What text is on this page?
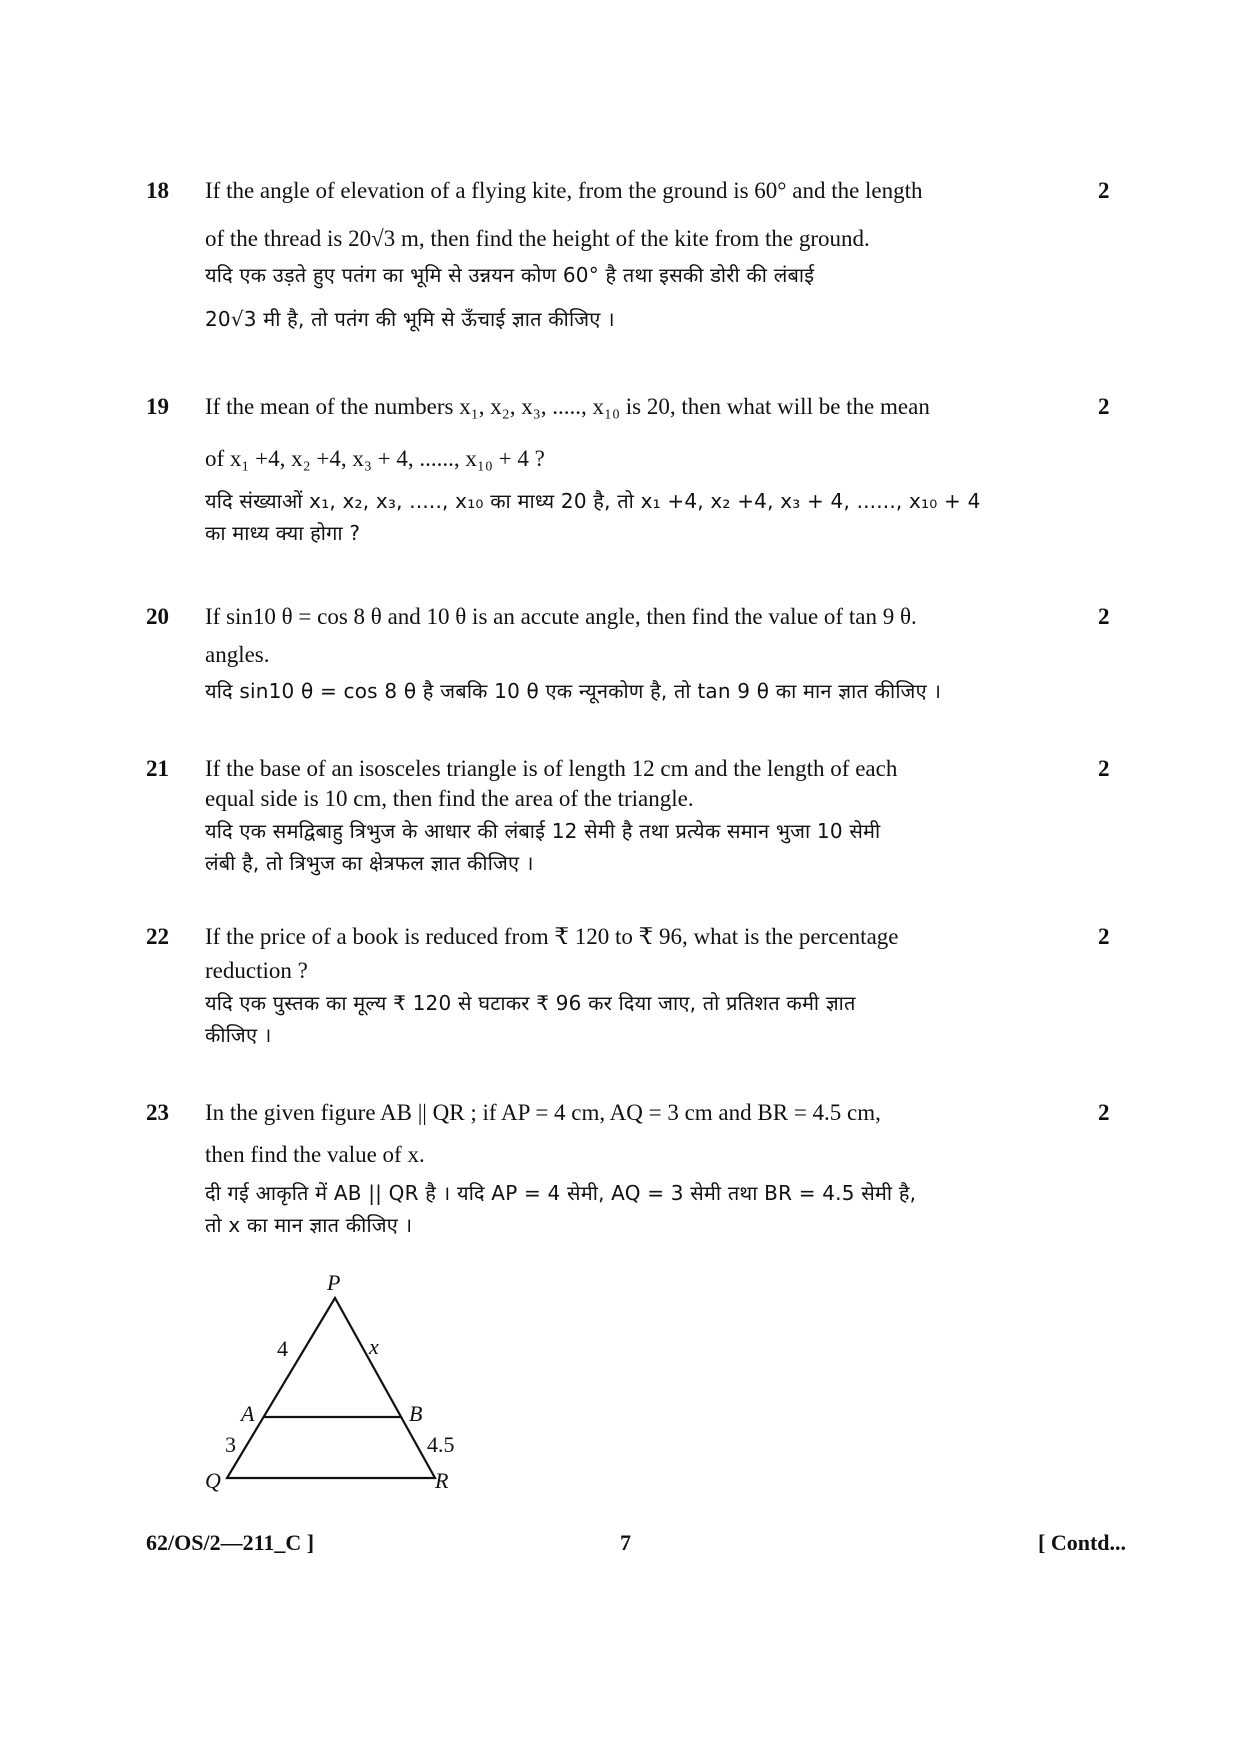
18	2
If the angle of elevation of a flying kite, from the ground is 60° and the length
of the thread is 20√3 m, then find the height of the kite from the ground.
यदि एक उड़ते हुए पतंग का भूमि से उन्नयन कोण 60° है तथा इसकी डोरी की लंबाई
20√3 मी है, तो पतंग की भूमि से ऊँचाई ज्ञात कीजिए ।
19	2
If the mean of the numbers x₁, x₂, x₃, ....., x₁₀ is 20, then what will be the mean
of x₁ +4, x₂ +4, x₃ + 4, ......, x₁₀ + 4 ?
यदि संख्याओं x₁, x₂, x₃, ....., x₁₀ का माध्य 20 है, तो x₁ +4, x₂ +4, x₃ + 4, ......, x₁₀ + 4
का माध्य क्या होगा ?
20	2
If sin10 θ = cos 8 θ and 10 θ is an accute angle, then find the value of tan 9 θ.
angles.
यदि sin10 θ = cos 8 θ है जबकि 10 θ एक न्यूनकोण है, तो tan 9 θ का मान ज्ञात कीजिए ।
21	2
If the base of an isosceles triangle is of length 12 cm and the length of each
equal side is 10 cm, then find the area of the triangle.
यदि एक समद्विबाहु त्रिभुज के आधार की लंबाई 12 सेमी है तथा प्रत्येक समान भुजा 10 सेमी
लंबी है, तो त्रिभुज का क्षेत्रफल ज्ञात कीजिए ।
22	2
If the price of a book is reduced from ₹ 120 to ₹ 96, what is the percentage
reduction ?
यदि एक पुस्तक का मूल्य ₹ 120 से घटाकर ₹ 96 कर दिया जाए, तो प्रतिशत कमी ज्ञात
कीजिए ।
23	2
In the given figure AB || QR ; if AP = 4 cm, AQ = 3 cm and BR = 4.5 cm,
then find the value of x.
दी गई आकृति में AB || QR है । यदि AP = 4 सेमी, AQ = 3 सेमी तथा BR = 4.5 सेमी है,
तो x का मान ज्ञात कीजिए ।
P
A	B
Q	R
4	x
3	4.5
62/OS/2—211_C ]	7	[ Contd...
